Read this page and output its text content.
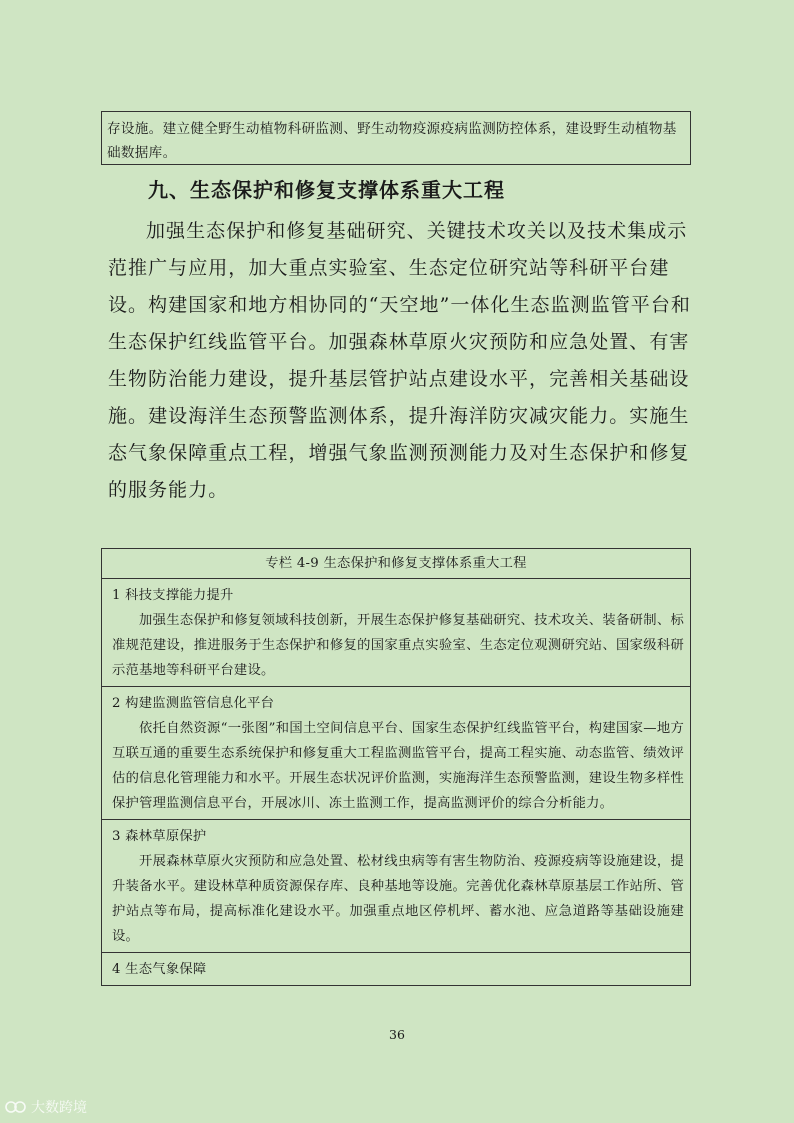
存设施。建立健全野生动植物科研监测、野生动物疫源疫病监测防控体系，建设野生动植物基础数据库。
九、生态保护和修复支撑体系重大工程

加强生态保护和修复基础研究、关键技术攻关以及技术集成示范推广与应用，加大重点实验室、生态定位研究站等科研平台建设。构建国家和地方相协同的“天空地”一体化生态监测监管平台和生态保护红线监管平台。加强森林草原火灾预防和应急处置、有害生物防治能力建设，提升基层管护站点建设水平，完善相关基础设施。建设海洋生态预警监测体系，提升海洋防灾减灾能力。实施生态气象保障重点工程，增强气象监测预测能力及对生态保护和修复的服务能力。

专栏 4-9 生态保护和修复支撑体系重大工程
1 科技支撑能力提升

加强生态保护和修复领域科技创新，开展生态保护修复基础研究、技术攻关、装备研制、标准规范建设，推进服务于生态保护和修复的国家重点实验室、生态定位观测研究站、国家级科研示范基地等科研平台建设。

2 构建监测监管信息化平台

依托自然资源“一张图”和国土空间信息平台、国家生态保护红线监管平台，构建国家—地方互联互通的重要生态系统保护和修复重大工程监测监管平台，提高工程实施、动态监管、绩效评估的信息化管理能力和水平。开展生态状况评价监测，实施海洋生态预警监测，建设生物多样性保护管理监测信息平台，开展冰川、冻土监测工作，提高监测评价的综合分析能力。

3 森林草原保护

开展森林草原火灾预防和应急处置、松材线虫病等有害生物防治、疫源疫病等设施建设，提升装备水平。建设林草种质资源保存库、良种基地等设施。完善优化森林草原基层工作站所、管护站点等布局，提高标准化建设水平。加强重点地区停机坪、蓄水池、应急道路等基础设施建设。

4 生态气象保障
36
大数跨境
